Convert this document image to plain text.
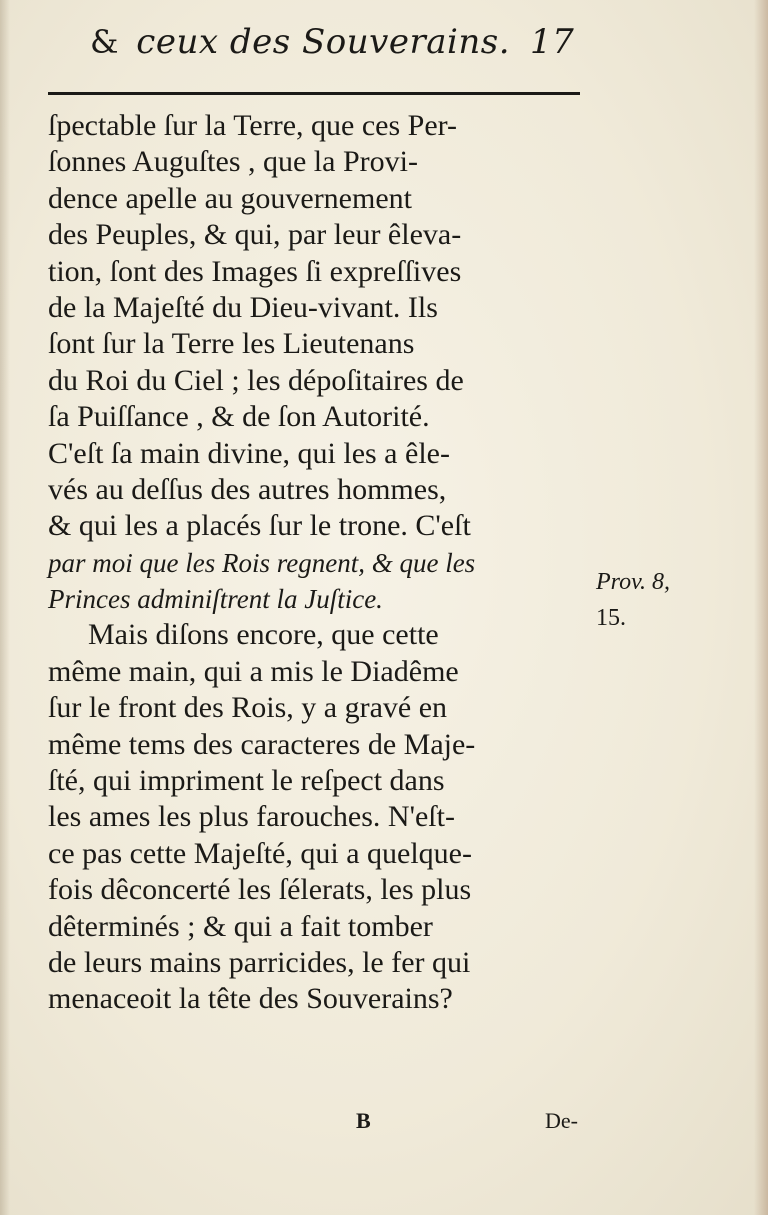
& ceux des Souverains. 17
ſpectable ſur la Terre, que ces Per-
ſonnes Auguſtes , que la Provi-
dence apelle au gouvernement
des Peuples, & qui, par leur êleva-
tion, ſont des Images ſi expreſſives
de la Majeſté du Dieu-vivant. Ils
ſont ſur la Terre les Lieutenans
du Roi du Ciel ; les dépoſitaires de
ſa Puiſſance , & de ſon Autorité.
C'eſt ſa main divine, qui les a êle-
vés au deſſus des autres hommes,
& qui les a placés ſur le trone. C'eſt
par moi que les Rois regnent, & que les
Princes adminiſtrent la Juſtice.
Mais diſons encore, que cette
même main, qui a mis le Diadême
ſur le front des Rois, y a gravé en
même tems des caracteres de Maje-
ſté, qui impriment le reſpect dans
les ames les plus farouches. N'eſt-
ce pas cette Majeſté, qui a quelque-
fois dêconcerté les ſélerats, les plus
dêterminés ; & qui a fait tomber
de leurs mains parricides, le fer qui
menaceoit la tête des Souverains?
Prov. 8,
15.
B	De-
